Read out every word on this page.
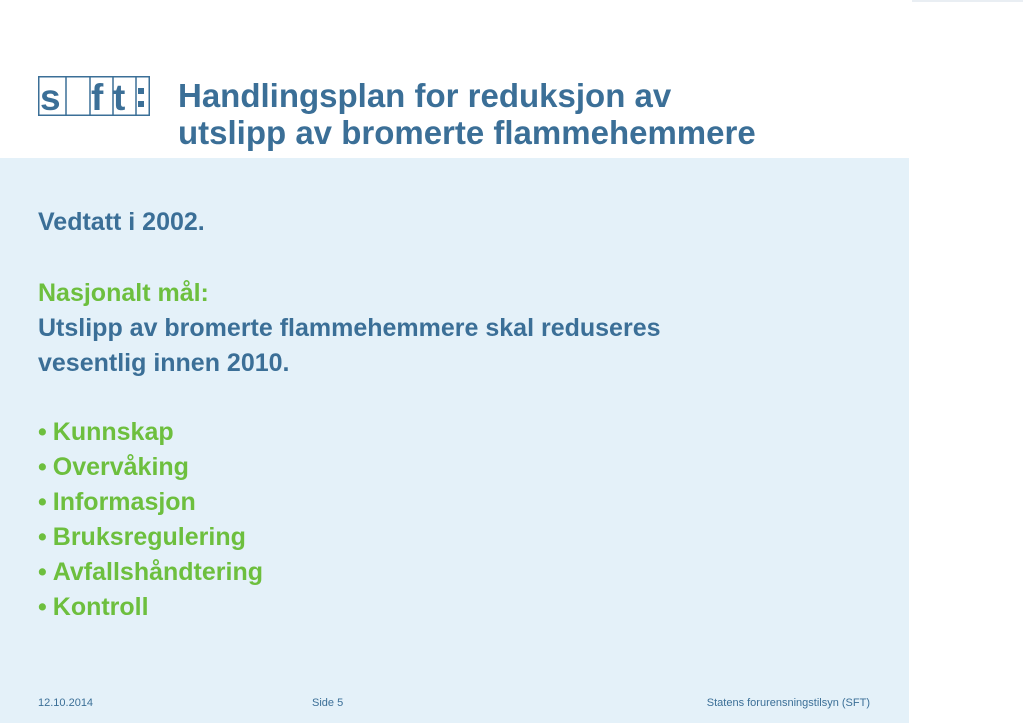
s f t Handlingsplan for reduksjon av
utslipp av bromerte flammehemmere

Vedtatt i 2002.

Nasjonalt mål:

Utslipp av bromerte flammehemmere skal reduseres
vesentlig innen 2010.

• Kunnskap
• Overvåking
• Informasjon
• Bruksregulering
• Avfallshåndtering
• Kontroll
12.10.2014	Side 5	Statens forurensningstilsyn (SFT)
